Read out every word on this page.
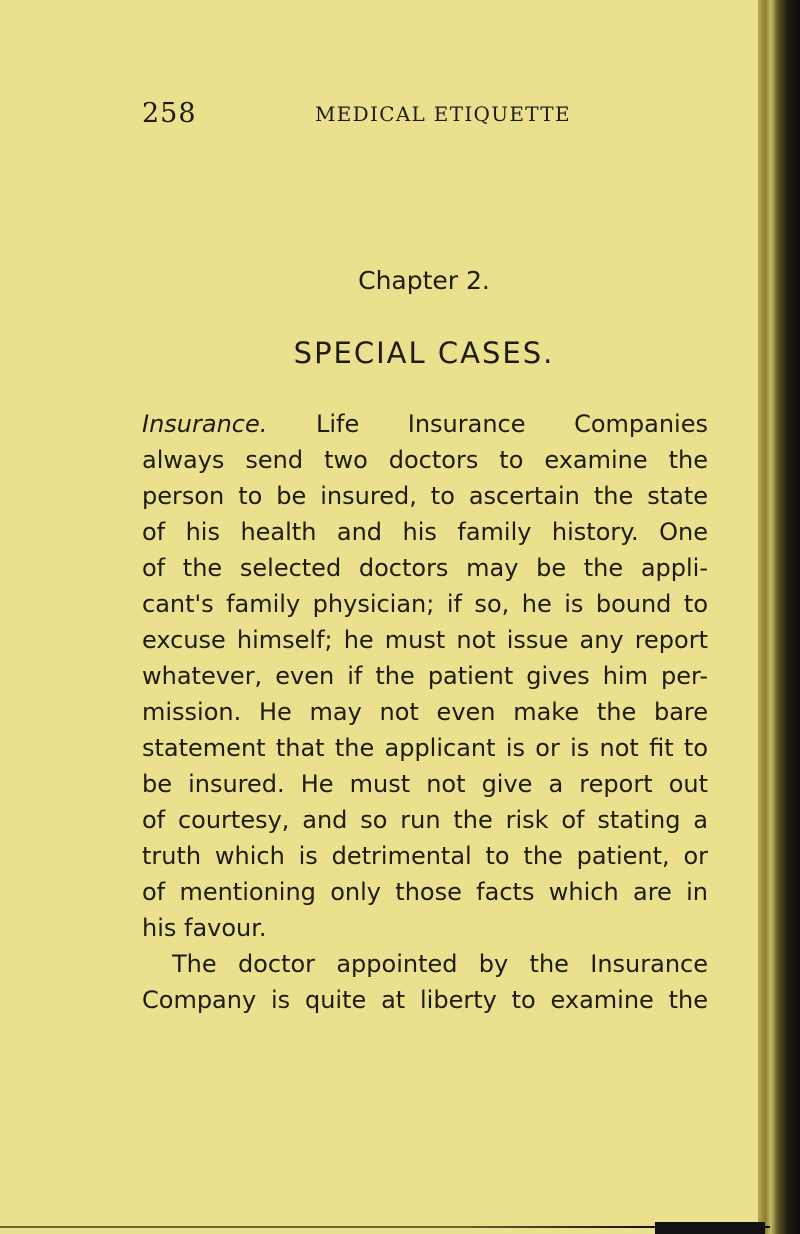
258	MEDICAL ETIQUETTE
Chapter 2.
SPECIAL CASES.
Insurance. Life Insurance Companies
always send two doctors to examine the
person to be insured, to ascertain the state
of his health and his family history. One
of the selected doctors may be the appli-
cant's family physician; if so, he is bound to
excuse himself; he must not issue any report
whatever, even if the patient gives him per-
mission. He may not even make the bare
statement that the applicant is or is not fit to
be insured. He must not give a report out
of courtesy, and so run the risk of stating a
truth which is detrimental to the patient, or
of mentioning only those facts which are in
his favour.
The doctor appointed by the Insurance
Company is quite at liberty to examine the
